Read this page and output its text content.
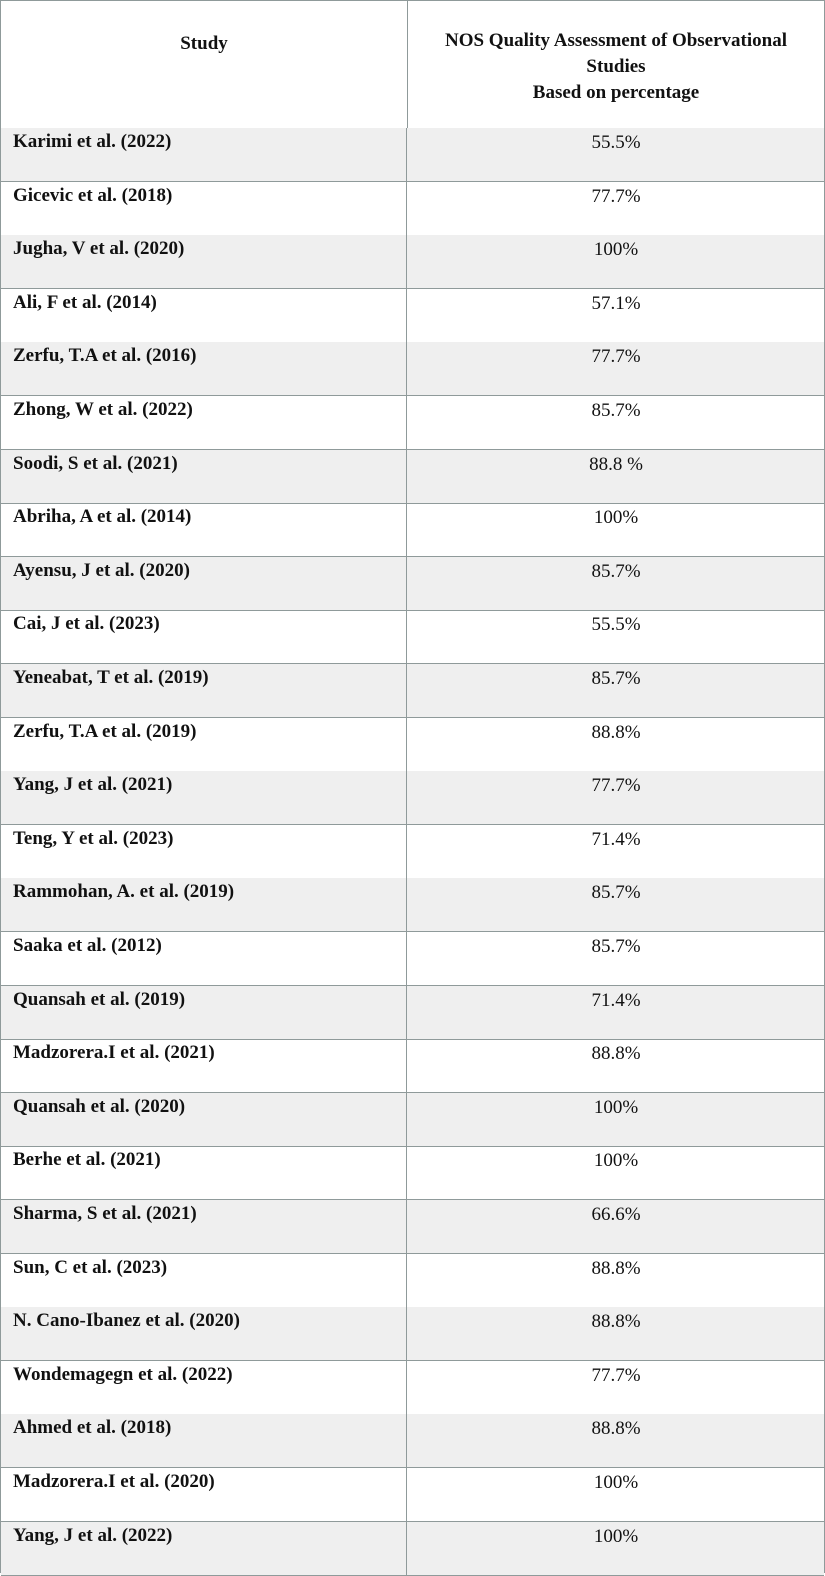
Study	NOS Quality Assessment of Observational
Studies
Based on percentage
Karimi et al. (2022)	55.5%
Gicevic et al. (2018)	77.7%
Jugha, V et al. (2020)	100%
Ali, F et al. (2014)	57.1%
Zerfu, T.A et al. (2016)	77.7%
Zhong, W et al. (2022)	85.7%
Soodi, S et al. (2021)	88.8 %
Abriha, A et al. (2014)	100%
Ayensu, J et al. (2020)	85.7%
Cai, J et al. (2023)	55.5%
Yeneabat, T et al. (2019)	85.7%
Zerfu, T.A et al. (2019)	88.8%
Yang, J et al. (2021)	77.7%
Teng, Y et al. (2023)	71.4%
Rammohan, A. et al. (2019)	85.7%
Saaka et al. (2012)	85.7%
Quansah et al. (2019)	71.4%
Madzorera.I et al. (2021)	88.8%
Quansah et al. (2020)	100%
Berhe et al. (2021)	100%
Sharma, S et al. (2021)	66.6%
Sun, C et al. (2023)	88.8%
N. Cano-Ibanez et al. (2020)	88.8%
Wondemagegn et al. (2022)	77.7%
Ahmed et al. (2018)	88.8%
Madzorera.I et al. (2020)	100%
Yang, J et al. (2022)	100%
